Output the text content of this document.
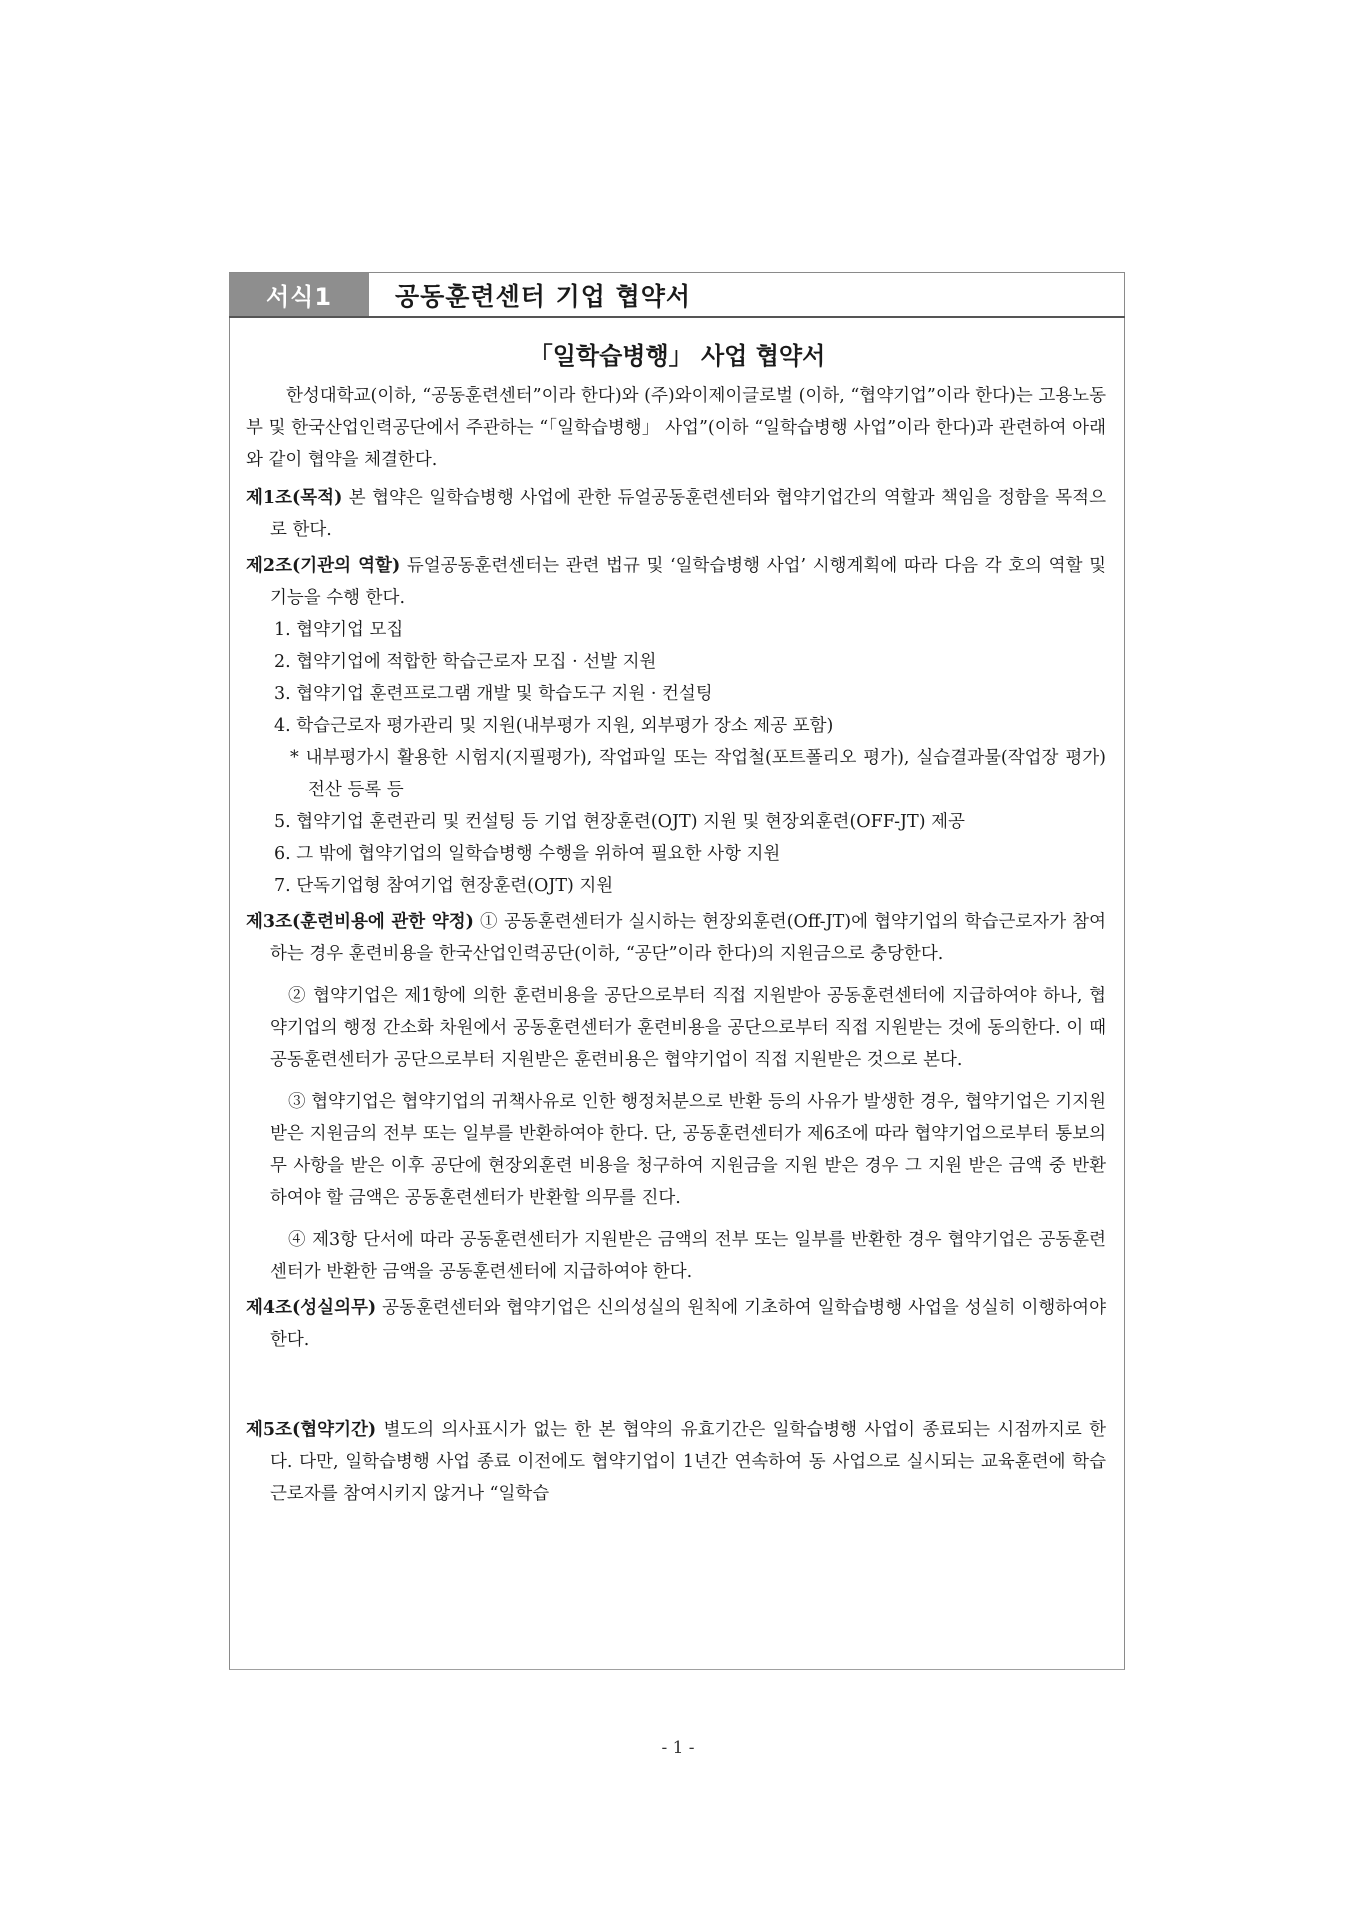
서식1	공동훈련센터 기업 협약서
「일학습병행」 사업 협약서

한성대학교(이하, “공동훈련센터”이라 한다)와 (주)와이제이글로벌 (이하, “협약기업”이라 한다)는 고용노동부 및 한국산업인력공단에서 주관하는 “「일학습병행」 사업”(이하 “일학습병행 사업”이라 한다)과 관련하여 아래와 같이 협약을 체결한다.

제1조(목적) 본 협약은 일학습병행 사업에 관한 듀얼공동훈련센터와 협약기업간의 역할과 책임을 정함을 목적으로 한다.

제2조(기관의 역할) 듀얼공동훈련센터는 관련 법규 및 ‘일학습병행 사업’ 시행계획에 따라 다음 각 호의 역할 및 기능을 수행 한다.

1. 협약기업 모집

2. 협약기업에 적합한 학습근로자 모집 · 선발 지원

3. 협약기업 훈련프로그램 개발 및 학습도구 지원 · 컨설팅

4. 학습근로자 평가관리 및 지원(내부평가 지원, 외부평가 장소 제공 포함)

* 내부평가시 활용한 시험지(지필평가), 작업파일 또는 작업철(포트폴리오 평가), 실습결과물(작업장 평가) 전산 등록 등

5. 협약기업 훈련관리 및 컨설팅 등 기업 현장훈련(OJT) 지원 및 현장외훈련(OFF-JT) 제공

6. 그 밖에 협약기업의 일학습병행 수행을 위하여 필요한 사항 지원

7. 단독기업형 참여기업 현장훈련(OJT) 지원

제3조(훈련비용에 관한 약정) ① 공동훈련센터가 실시하는 현장외훈련(Off-JT)에 협약기업의 학습근로자가 참여하는 경우 훈련비용을 한국산업인력공단(이하, “공단”이라 한다)의 지원금으로 충당한다.

② 협약기업은 제1항에 의한 훈련비용을 공단으로부터 직접 지원받아 공동훈련센터에 지급하여야 하나, 협약기업의 행정 간소화 차원에서 공동훈련센터가 훈련비용을 공단으로부터 직접 지원받는 것에 동의한다. 이 때 공동훈련센터가 공단으로부터 지원받은 훈련비용은 협약기업이 직접 지원받은 것으로 본다.

③ 협약기업은 협약기업의 귀책사유로 인한 행정처분으로 반환 등의 사유가 발생한 경우, 협약기업은 기지원 받은 지원금의 전부 또는 일부를 반환하여야 한다. 단, 공동훈련센터가 제6조에 따라 협약기업으로부터 통보의무 사항을 받은 이후 공단에 현장외훈련 비용을 청구하여 지원금을 지원 받은 경우 그 지원 받은 금액 중 반환하여야 할 금액은 공동훈련센터가 반환할 의무를 진다.

④ 제3항 단서에 따라 공동훈련센터가 지원받은 금액의 전부 또는 일부를 반환한 경우 협약기업은 공동훈련센터가 반환한 금액을 공동훈련센터에 지급하여야 한다.

제4조(성실의무) 공동훈련센터와 협약기업은 신의성실의 원칙에 기초하여 일학습병행 사업을 성실히 이행하여야 한다.

제5조(협약기간) 별도의 의사표시가 없는 한 본 협약의 유효기간은 일학습병행 사업이 종료되는 시점까지로 한다. 다만, 일학습병행 사업 종료 이전에도 협약기업이 1년간 연속하여 동 사업으로 실시되는 교육훈련에 학습근로자를 참여시키지 않거나 “일학습

- 1 -
